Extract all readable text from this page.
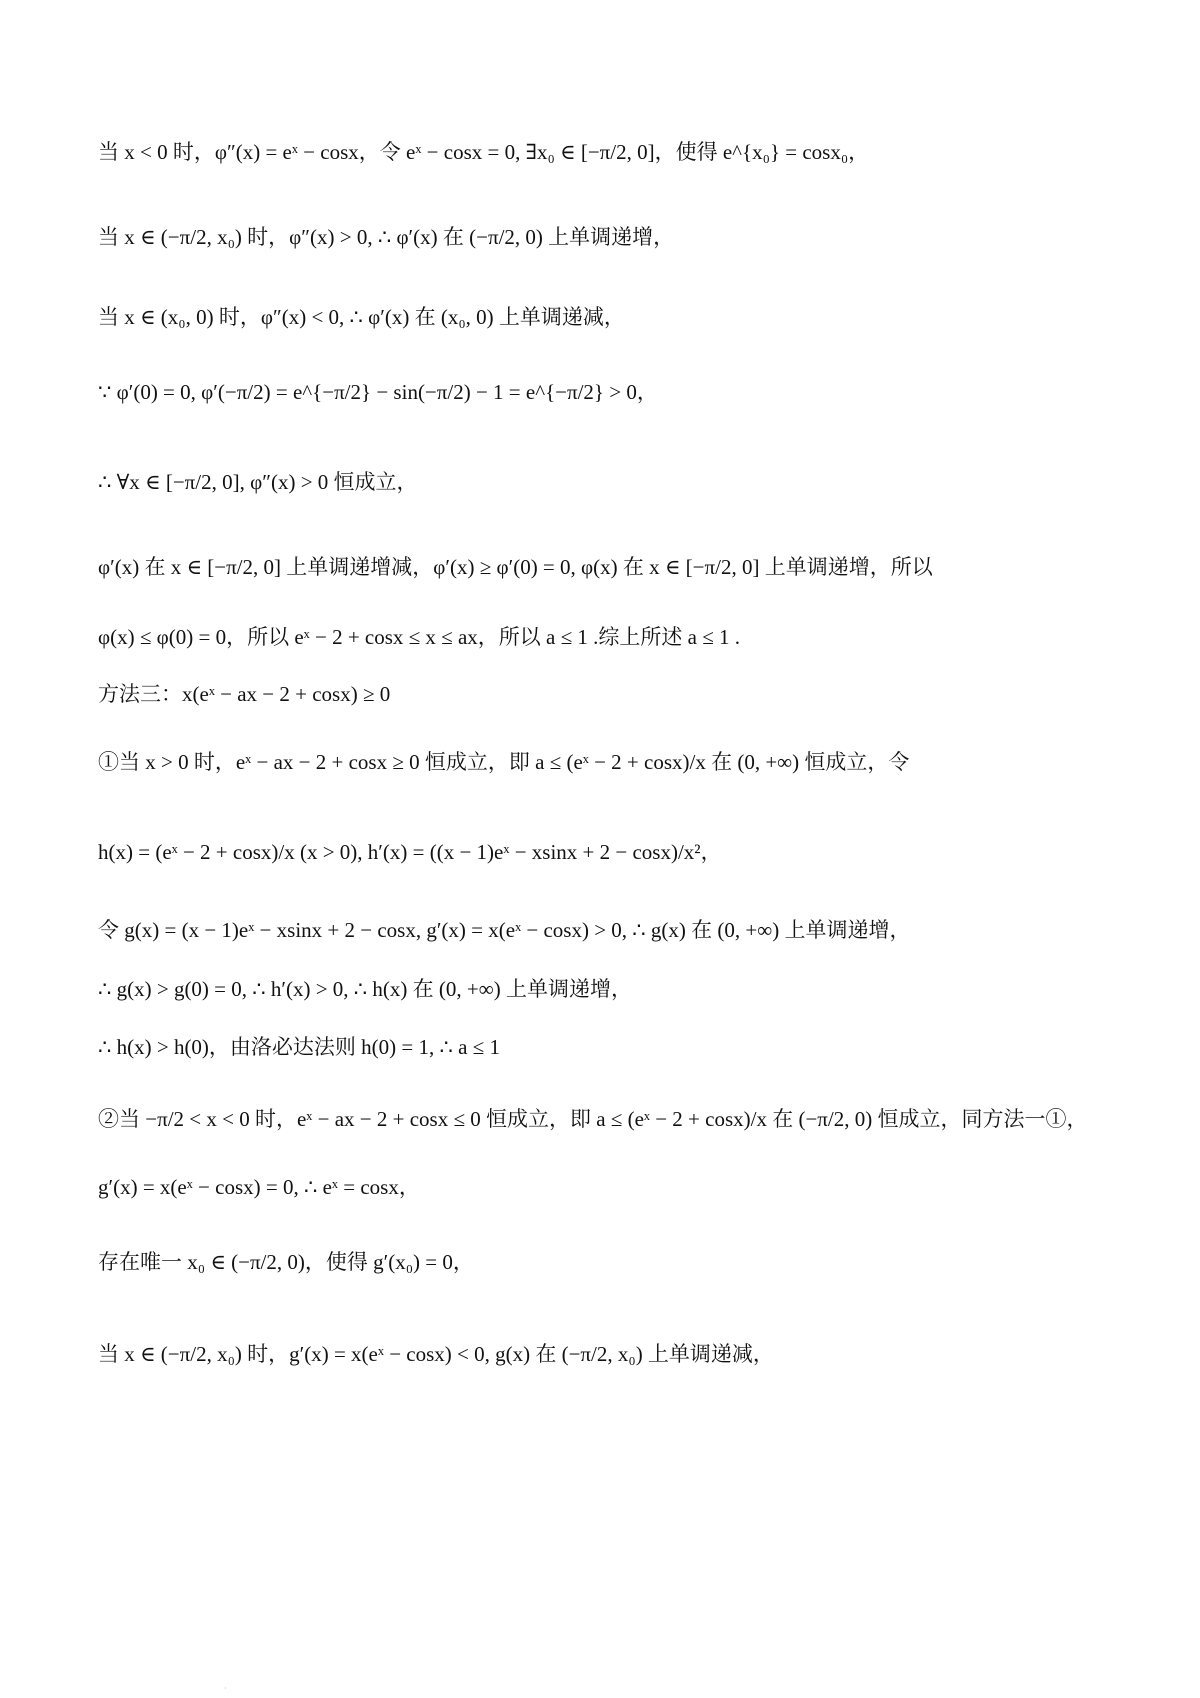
当 x < 0 时，φ″(x) = eˣ − cosx，令 eˣ − cosx = 0, ∃x₀ ∈ [−π/2, 0]，使得 e^{x₀} = cosx₀，
当 x ∈ (−π/2, x₀) 时，φ″(x) > 0, ∴ φ′(x) 在 (−π/2, 0) 上单调递增，
当 x ∈ (x₀, 0) 时，φ″(x) < 0, ∴ φ′(x) 在 (x₀, 0) 上单调递减，
∵ φ′(0) = 0, φ′(−π/2) = e^{−π/2} − sin(−π/2) − 1 = e^{−π/2} > 0，
∴ ∀x ∈ [−π/2, 0], φ″(x) > 0 恒成立，
φ′(x) 在 x ∈ [−π/2, 0] 上单调递增减，φ′(x) ≥ φ′(0) = 0, φ(x) 在 x ∈ [−π/2, 0] 上单调递增，所以
φ(x) ≤ φ(0) = 0，所以 eˣ − 2 + cosx ≤ x ≤ ax，所以 a ≤ 1 .综上所述 a ≤ 1 .
方法三：x(eˣ − ax − 2 + cosx) ≥ 0
①当 x > 0 时，eˣ − ax − 2 + cosx ≥ 0 恒成立，即 a ≤ (eˣ − 2 + cosx)/x 在 (0, +∞) 恒成立，令
h(x) = (eˣ − 2 + cosx)/x (x > 0), h′(x) = ((x − 1)eˣ − xsinx + 2 − cosx)/x²，
令 g(x) = (x − 1)eˣ − xsinx + 2 − cosx, g′(x) = x(eˣ − cosx) > 0, ∴ g(x) 在 (0, +∞) 上单调递增，
∴ g(x) > g(0) = 0, ∴ h′(x) > 0, ∴ h(x) 在 (0, +∞) 上单调递增，
∴ h(x) > h(0)，由洛必达法则 h(0) = 1, ∴ a ≤ 1
②当 −π/2 < x < 0 时，eˣ − ax − 2 + cosx ≤ 0 恒成立，即 a ≤ (eˣ − 2 + cosx)/x 在 (−π/2, 0) 恒成立，同方法一①，
g′(x) = x(eˣ − cosx) = 0, ∴ eˣ = cosx，
存在唯一 x₀ ∈ (−π/2, 0)，使得 g′(x₀) = 0，
当 x ∈ (−π/2, x₀) 时，g′(x) = x(eˣ − cosx) < 0, g(x) 在 (−π/2, x₀) 上单调递减，
·
